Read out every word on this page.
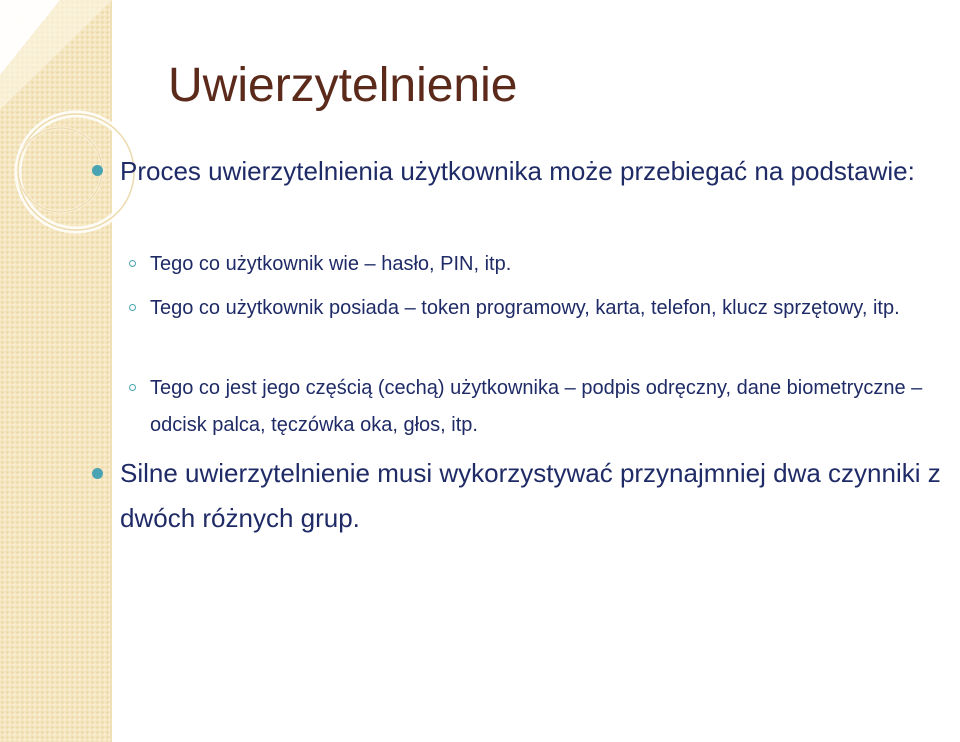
Uwierzytelnienie

Proces uwierzytelnienia użytkownika może przebiegać na podstawie:

Tego co użytkownik wie – hasło, PIN, itp.

Tego co użytkownik posiada – token programowy, karta, telefon, klucz sprzętowy, itp.

Tego co jest jego częścią (cechą) użytkownika – podpis odręczny, dane biometryczne – odcisk palca, tęczówka oka, głos, itp.

Silne uwierzytelnienie musi wykorzystywać przynajmniej dwa czynniki z dwóch różnych grup.
